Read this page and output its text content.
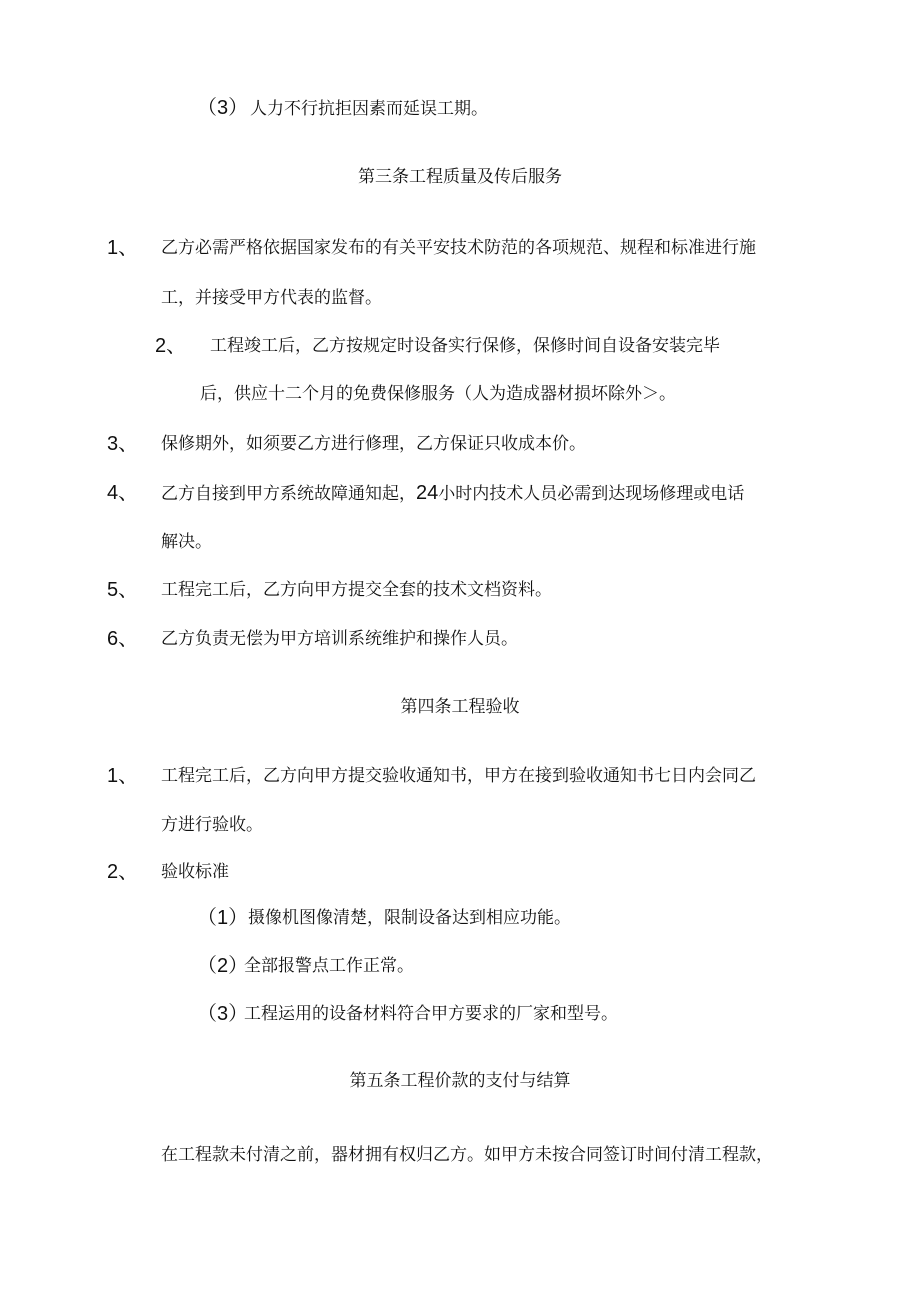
（3） 人力不行抗拒因素而延误工期。
第三条工程质量及传后服务
1、 乙方必需严格依据国家发布的有关平安技术防范的各项规范、规程和标准进行施
工，并接受甲方代表的监督。
2、 工程竣工后，乙方按规定时设备实行保修，保修时间自设备安装完毕
后，供应十二个月的免费保修服务（人为造成器材损坏除外＞。
3、 保修期外，如须要乙方进行修理，乙方保证只收成本价。
4、 乙方自接到甲方系统故障通知起，24小时内技术人员必需到达现场修理或电话
解决。
5、 工程完工后，乙方向甲方提交全套的技术文档资料。
6、 乙方负责无偿为甲方培训系统维护和操作人员。
第四条工程验收
1、 工程完工后，乙方向甲方提交验收通知书，甲方在接到验收通知书七日内会同乙
方进行验收。
2、 验收标准
（1） 摄像机图像清楚，限制设备达到相应功能。
（2）
全部报警点工作正常。
（3）
工程运用的设备材料符合甲方要求的厂家和型号。
第五条工程价款的支付与结算
在工程款未付清之前，器材拥有权归乙方。如甲方未按合同签订时间付清工程款，
